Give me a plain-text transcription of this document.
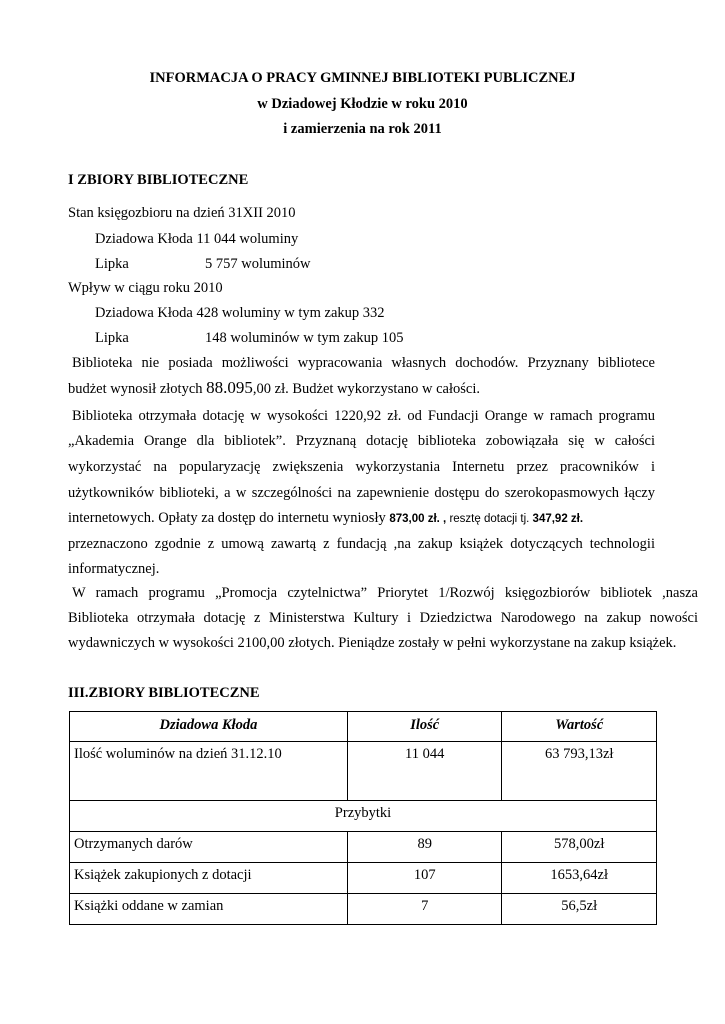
INFORMACJA O PRACY GMINNEJ BIBLIOTEKI PUBLICZNEJ
w Dziadowej Kłodzie w roku 2010
i zamierzenia na rok 2011
I ZBIORY BIBLIOTECZNE
Stan księgozbioru na dzień 31XII 2010
Dziadowa Kłoda 11 044 woluminy
Lipka	5 757 woluminów
Wpływ w ciągu roku 2010
Dziadowa Kłoda 428 woluminy w tym zakup 332
Lipka	148 woluminów w tym zakup 105
Biblioteka nie posiada możliwości wypracowania własnych dochodów. Przyznany bibliotece
budżet wynosił złotych 88.095,00 zł. Budżet wykorzystano w całości.
Biblioteka otrzymała dotację w wysokości 1220,92 zł. od Fundacji Orange w ramach programu
„Akademia Orange dla bibliotek”. Przyznaną dotację biblioteka zobowiązała się w całości
wykorzystać na popularyzację zwiększenia wykorzystania Internetu przez pracowników i
użytkowników biblioteki, a w szczególności na zapewnienie dostępu do szerokopasmowych łączy
internetowych. Opłaty za dostęp do internetu wyniosły 873,00 zł. , resztę dotacji tj. 347,92 zł.
przeznaczono zgodnie z umową zawartą z fundacją ,na zakup książek dotyczących technologii
informatycznej.
W ramach programu „Promocja czytelnictwa” Priorytet 1/Rozwój księgozbiorów bibliotek ,nasza
Biblioteka otrzymała dotację z Ministerstwa Kultury i Dziedzictwa Narodowego na zakup nowości
wydawniczych w wysokości 2100,00 złotych. Pieniądze zostały w pełni wykorzystane na zakup książek.
III.ZBIORY BIBLIOTECZNE
Dziadowa Kłoda	Ilość	Wartość
Ilość woluminów na dzień 31.12.10	11 044	63 793,13zł
Przybytki		
Otrzymanych darów	89	578,00zł
Książek zakupionych z dotacji	107	1653,64zł
Książki oddane w zamian	7	56,5zł
